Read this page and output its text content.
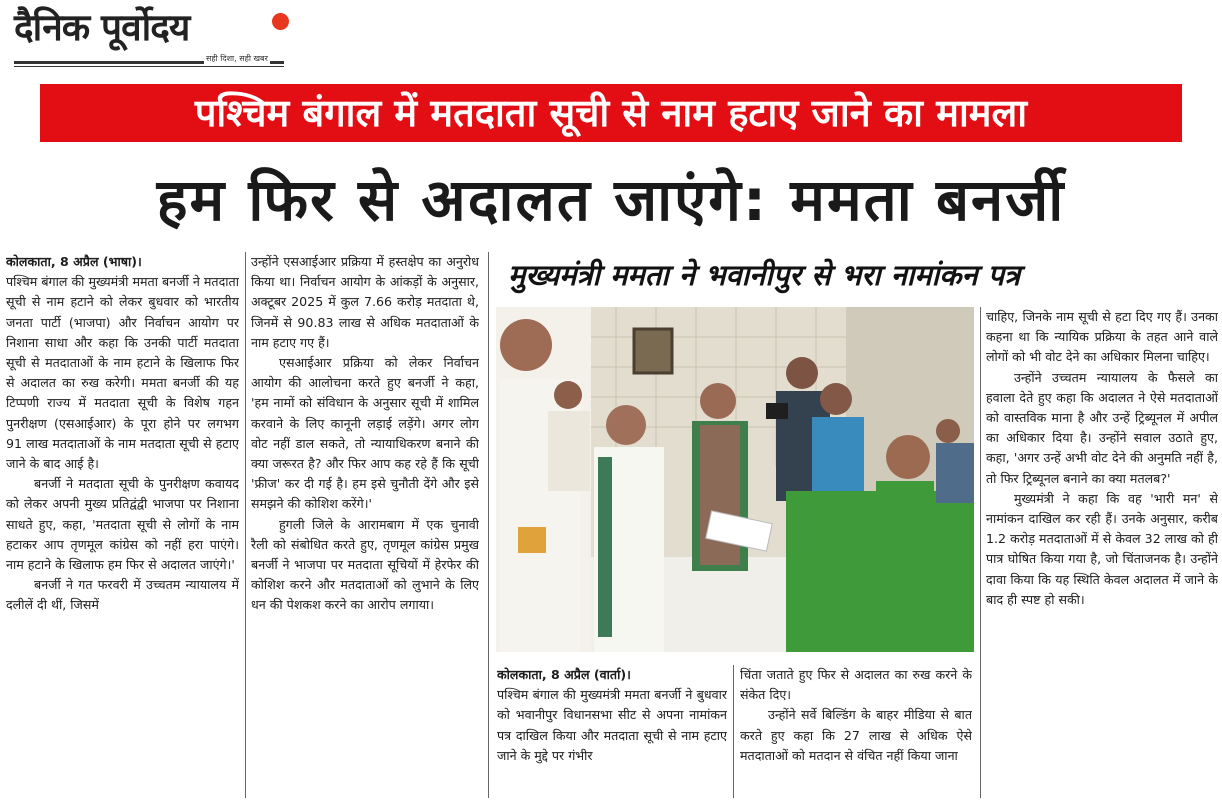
दैनिक पूर्वोदय
सही दिशा, सही खबर
पश्चिम बंगाल में मतदाता सूची से नाम हटाए जाने का मामला
हम फिर से अदालत जाएंगे: ममता बनर्जी

कोलकाता, 8 अप्रैल (भाषा)।

पश्चिम बंगाल की मुख्यमंत्री ममता बनर्जी ने मतदाता सूची से नाम हटाने को लेकर बुधवार को भारतीय जनता पार्टी (भाजपा) और निर्वाचन आयोग पर निशाना साधा और कहा कि उनकी पार्टी मतदाता सूची से मतदाताओं के नाम हटाने के खिलाफ फिर से अदालत का रुख करेगी। ममता बनर्जी की यह टिप्पणी राज्य में मतदाता सूची के विशेष गहन पुनरीक्षण (एसआईआर) के पूरा होने पर लगभग 91 लाख मतदाताओं के नाम मतदाता सूची से हटाए जाने के बाद आई है।

बनर्जी ने मतदाता सूची के पुनरीक्षण कवायद को लेकर अपनी मुख्य प्रतिद्वंद्वी भाजपा पर निशाना साधते हुए, कहा, 'मतदाता सूची से लोगों के नाम हटाकर आप तृणमूल कांग्रेस को नहीं हरा पाएंगे। नाम हटाने के खिलाफ हम फिर से अदालत जाएंगे।'

बनर्जी ने गत फरवरी में उच्चतम न्यायालय में दलीलें दी थीं, जिसमें

उन्होंने एसआईआर प्रक्रिया में हस्तक्षेप का अनुरोध किया था। निर्वाचन आयोग के आंकड़ों के अनुसार, अक्टूबर 2025 में कुल 7.66 करोड़ मतदाता थे, जिनमें से 90.83 लाख से अधिक मतदाताओं के नाम हटाए गए हैं।

एसआईआर प्रक्रिया को लेकर निर्वाचन आयोग की आलोचना करते हुए बनर्जी ने कहा, 'हम नामों को संविधान के अनुसार सूची में शामिल करवाने के लिए कानूनी लड़ाई लड़ेंगे। अगर लोग वोट नहीं डाल सकते, तो न्यायाधिकरण बनाने की क्या जरूरत है? और फिर आप कह रहे हैं कि सूची 'फ्रीज' कर दी गई है। हम इसे चुनौती देंगे और इसे समझने की कोशिश करेंगे।'

हुगली जिले के आरामबाग में एक चुनावी रैली को संबोधित करते हुए, तृणमूल कांग्रेस प्रमुख बनर्जी ने भाजपा पर मतदाता सूचियों में हेरफेर की कोशिश करने और मतदाताओं को लुभाने के लिए धन की पेशकश करने का आरोप लगाया।

मुख्यमंत्री ममता ने भवानीपुर से भरा नामांकन पत्र

कोलकाता, 8 अप्रैल (वार्ता)।

पश्चिम बंगाल की मुख्यमंत्री ममता बनर्जी ने बुधवार को भवानीपुर विधानसभा सीट से अपना नामांकन पत्र दाखिल किया और मतदाता सूची से नाम हटाए जाने के मुद्दे पर गंभीर

चिंता जताते हुए फिर से अदालत का रुख करने के संकेत दिए।

उन्होंने सर्वे बिल्डिंग के बाहर मीडिया से बात करते हुए कहा कि 27 लाख से अधिक ऐसे मतदाताओं को मतदान से वंचित नहीं किया जाना

चाहिए, जिनके नाम सूची से हटा दिए गए हैं। उनका कहना था कि न्यायिक प्रक्रिया के तहत आने वाले लोगों को भी वोट देने का अधिकार मिलना चाहिए।

उन्होंने उच्चतम न्यायालय के फैसले का हवाला देते हुए कहा कि अदालत ने ऐसे मतदाताओं को वास्तविक माना है और उन्हें ट्रिब्यूनल में अपील का अधिकार दिया है। उन्होंने सवाल उठाते हुए, कहा, 'अगर उन्हें अभी वोट देने की अनुमति नहीं है, तो फिर ट्रिब्यूनल बनाने का क्या मतलब?'

मुख्यमंत्री ने कहा कि वह 'भारी मन' से नामांकन दाखिल कर रही हैं। उनके अनुसार, करीब 1.2 करोड़ मतदाताओं में से केवल 32 लाख को ही पात्र घोषित किया गया है, जो चिंताजनक है। उन्होंने दावा किया कि यह स्थिति केवल अदालत में जाने के बाद ही स्पष्ट हो सकी।
